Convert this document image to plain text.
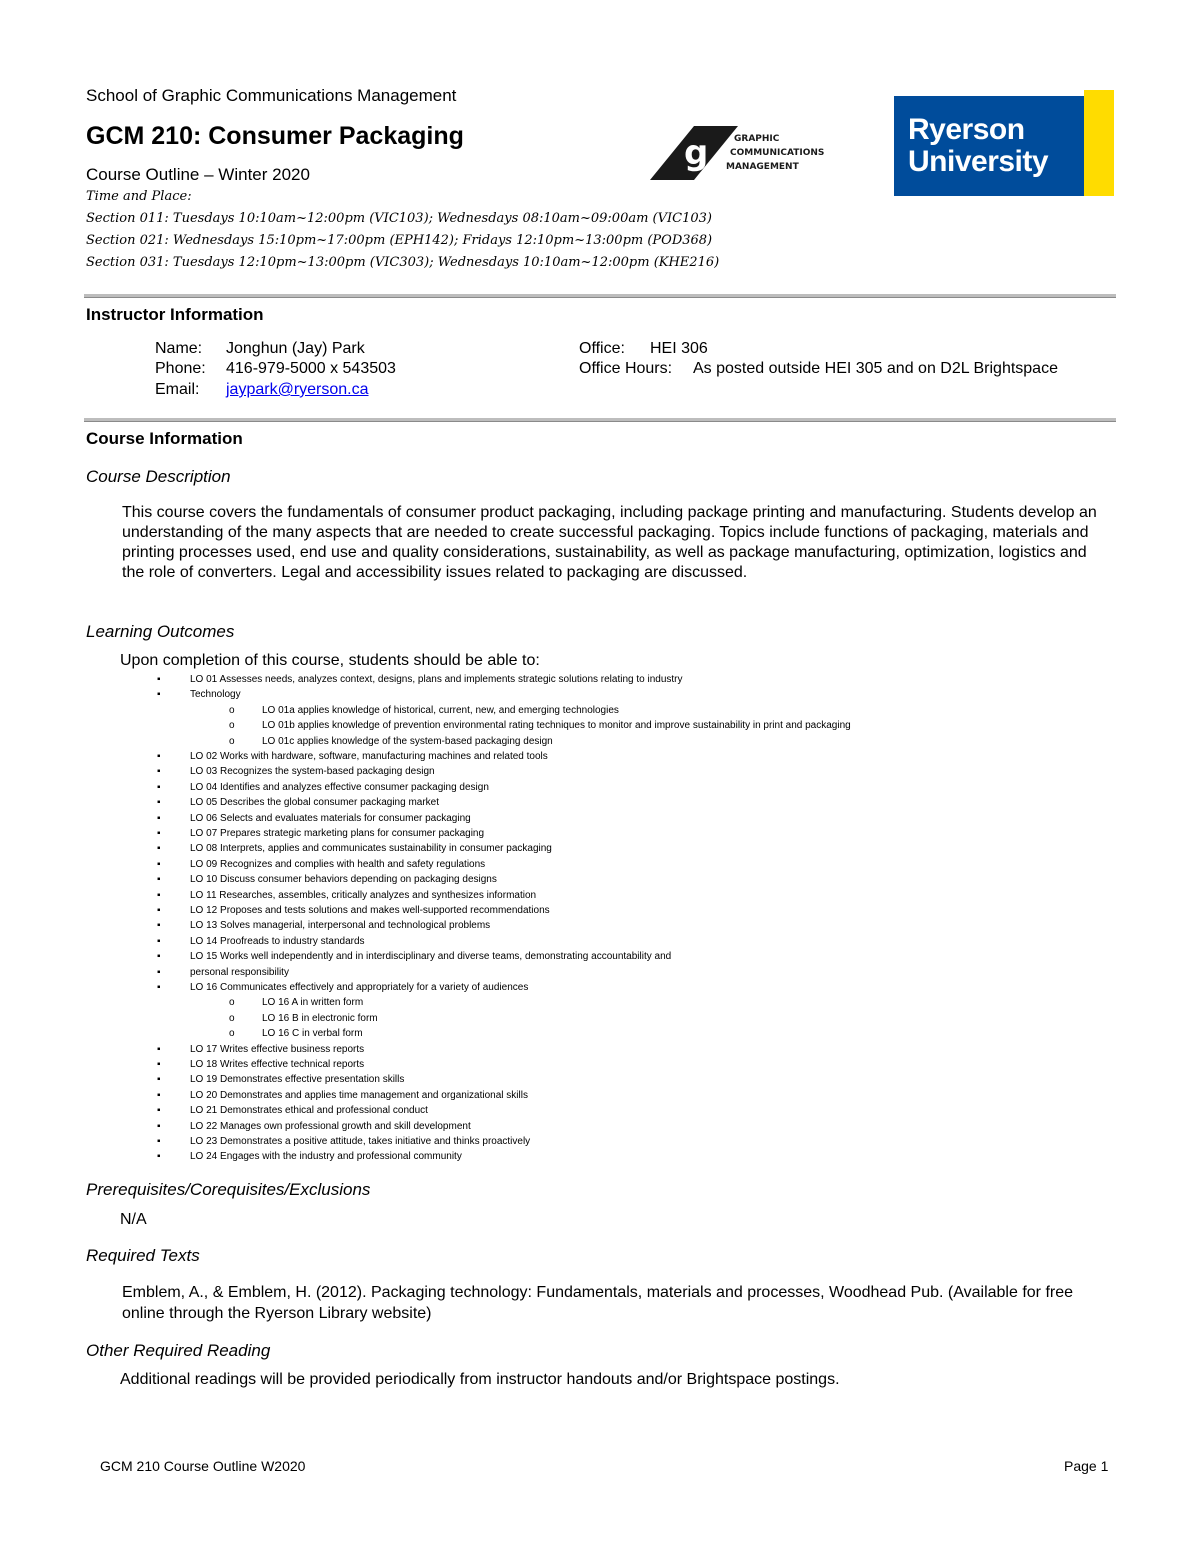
School of Graphic Communications Management
GCM 210: Consumer Packaging
Course Outline – Winter 2020
Time and Place:
Section 011: Tuesdays 10:10am~12:00pm (VIC103); Wednesdays 08:10am~09:00am (VIC103)
Section 021: Wednesdays 15:10pm~17:00pm (EPH142); Fridays 12:10pm~13:00pm (POD368)
Section 031: Tuesdays 12:10pm~13:00pm (VIC303); Wednesdays 10:10am~12:00pm (KHE216)
g	GRAPHIC
COMMUNICATIONS
MANAGEMENT
Ryerson
University
Instructor Information
Name: Jonghun (Jay) Park
Phone: 416-979-5000 x 543503
Email: jaypark@ryerson.ca
Office: HEI 306
Office Hours: As posted outside HEI 305 and on D2L Brightspace
Course Information
Course Description
This course covers the fundamentals of consumer product packaging, including package printing and manufacturing. Students develop an understanding of the many aspects that are needed to create successful packaging. Topics include functions of packaging, materials and printing processes used, end use and quality considerations, sustainability, as well as package manufacturing, optimization, logistics and the role of converters. Legal and accessibility issues related to packaging are discussed.
Learning Outcomes
Upon completion of this course, students should be able to:
▪	LO 01 Assesses needs, analyzes context, designs, plans and implements strategic solutions relating to industry
▪	Technology
o	LO 01a applies knowledge of historical, current, new, and emerging technologies
o	LO 01b applies knowledge of prevention environmental rating techniques to monitor and improve sustainability in print and packaging
o	LO 01c applies knowledge of the system-based packaging design
▪	LO 02 Works with hardware, software, manufacturing machines and related tools
▪	LO 03 Recognizes the system-based packaging design
▪	LO 04 Identifies and analyzes effective consumer packaging design
▪	LO 05 Describes the global consumer packaging market
▪	LO 06 Selects and evaluates materials for consumer packaging
▪	LO 07 Prepares strategic marketing plans for consumer packaging
▪	LO 08 Interprets, applies and communicates sustainability in consumer packaging
▪	LO 09 Recognizes and complies with health and safety regulations
▪	LO 10 Discuss consumer behaviors depending on packaging designs
▪	LO 11 Researches, assembles, critically analyzes and synthesizes information
▪	LO 12 Proposes and tests solutions and makes well-supported recommendations
▪	LO 13 Solves managerial, interpersonal and technological problems
▪	LO 14 Proofreads to industry standards
▪	LO 15 Works well independently and in interdisciplinary and diverse teams, demonstrating accountability and
▪	personal responsibility
▪	LO 16 Communicates effectively and appropriately for a variety of audiences
o	LO 16 A in written form
o	LO 16 B in electronic form
o	LO 16 C in verbal form
▪	LO 17 Writes effective business reports
▪	LO 18 Writes effective technical reports
▪	LO 19 Demonstrates effective presentation skills
▪	LO 20 Demonstrates and applies time management and organizational skills
▪	LO 21 Demonstrates ethical and professional conduct
▪	LO 22 Manages own professional growth and skill development
▪	LO 23 Demonstrates a positive attitude, takes initiative and thinks proactively
▪	LO 24 Engages with the industry and professional community
Prerequisites/Corequisites/Exclusions
N/A
Required Texts
Emblem, A., & Emblem, H. (2012). Packaging technology: Fundamentals, materials and processes, Woodhead Pub. (Available for free online through the Ryerson Library website)
Other Required Reading
Additional readings will be provided periodically from instructor handouts and/or Brightspace postings.
GCM 210 Course Outline W2020	Page 1
